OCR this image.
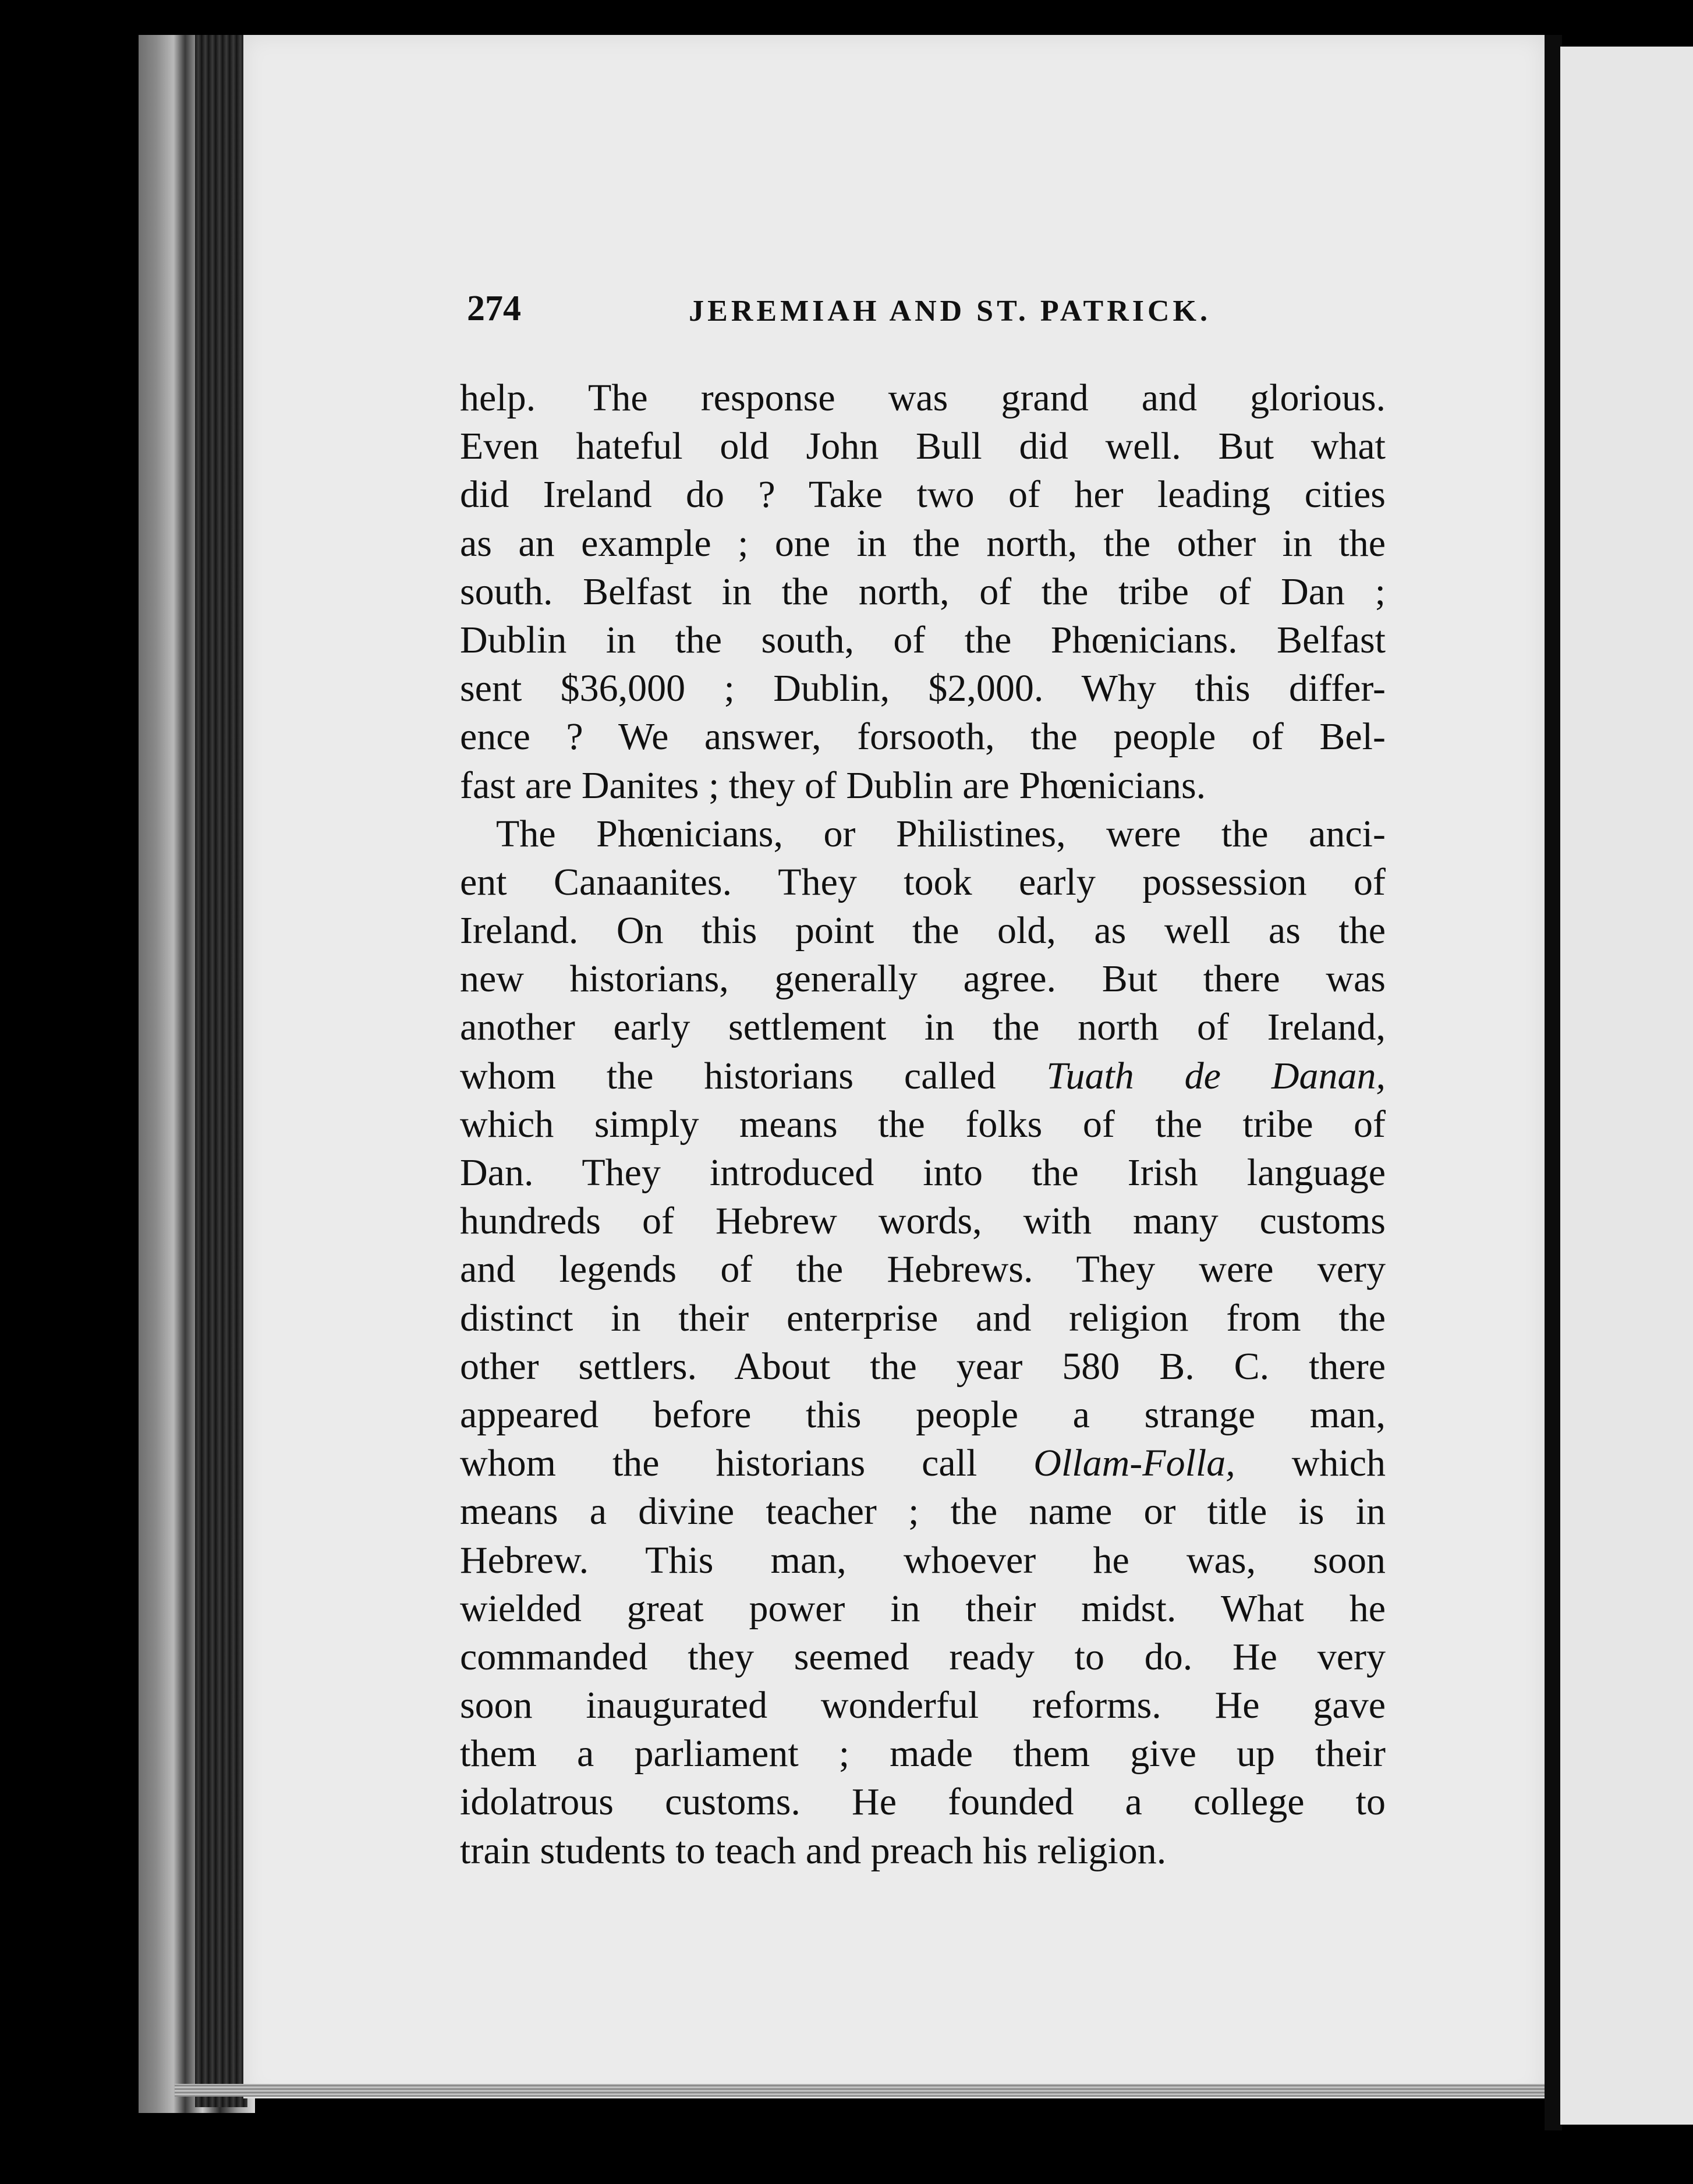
274	JEREMIAH AND ST. PATRICK.
help. The response was grand and glorious.
Even hateful old John Bull did well. But what
did Ireland do ? Take two of her leading cities
as an example ; one in the north, the other in the
south. Belfast in the north, of the tribe of Dan ;
Dublin in the south, of the Phœnicians. Belfast
sent $36,000 ; Dublin, $2,000. Why this differ-
ence ? We answer, forsooth, the people of Bel-
fast are Danites ; they of Dublin are Phœnicians.
The Phœnicians, or Philistines, were the anci-
ent Canaanites. They took early possession of
Ireland. On this point the old, as well as the
new historians, generally agree. But there was
another early settlement in the north of Ireland,
whom the historians called Tuath de Danan,
which simply means the folks of the tribe of
Dan. They introduced into the Irish language
hundreds of Hebrew words, with many customs
and legends of the Hebrews. They were very
distinct in their enterprise and religion from the
other settlers. About the year 580 B. C. there
appeared before this people a strange man,
whom the historians call Ollam-Folla, which
means a divine teacher ; the name or title is in
Hebrew. This man, whoever he was, soon
wielded great power in their midst. What he
commanded they seemed ready to do. He very
soon inaugurated wonderful reforms. He gave
them a parliament ; made them give up their
idolatrous customs. He founded a college to
train students to teach and preach his religion.
